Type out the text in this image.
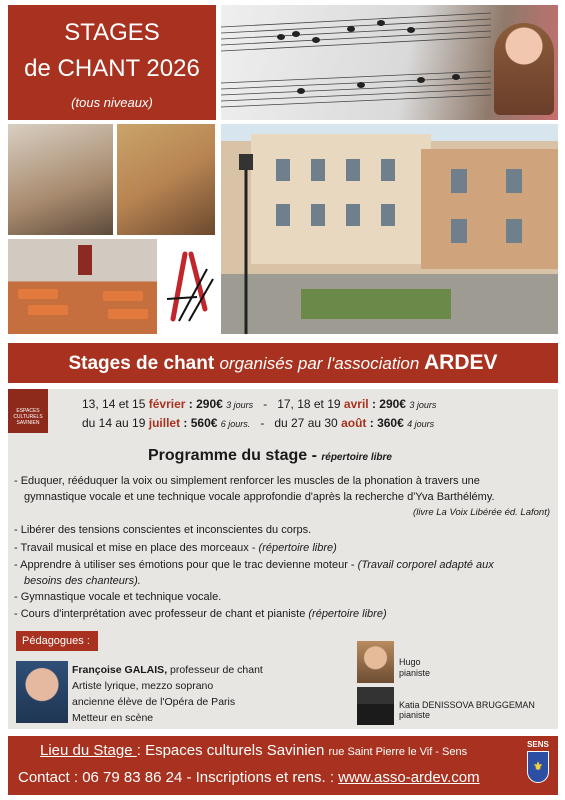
STAGES
de CHANT 2026
(tous niveaux)
Stages de chant organisés par l'association ARDEV
ESPACES CULTURELS SAVINIEN
13, 14 et 15 février : 290€ 3 jours - 17, 18 et 19 avril : 290€ 3 jours
du 14 au 19 juillet : 560€ 6 jours. - du 27 au 30 août : 360€ 4 jours
Programme du stage - répertoire libre
- Eduquer, rééduquer la voix ou simplement renforcer les muscles de la phonation à travers une
gymnastique vocale et une technique vocale approfondie d'après la recherche d'Yva Barthélémy.
(livre La Voix Libérée éd. Lafont)
- Libérer des tensions conscientes et inconscientes du corps.
- Travail musical et mise en place des morceaux - (répertoire libre)
- Apprendre à utiliser ses émotions pour que le trac devienne moteur - (Travail corporel adapté aux
besoins des chanteurs).
- Gymnastique vocale et technique vocale.
- Cours d'interprétation avec professeur de chant et pianiste (répertoire libre)
Pédagogues :
Françoise GALAIS, professeur de chant
Artiste lyrique, mezzo soprano
ancienne élève de l'Opéra de Paris
Metteur en scène
Hugo
pianiste
Katia DENISSOVA BRUGGEMAN
pianiste
Lieu du Stage : Espaces culturels Savinien rue Saint Pierre le Vif - Sens
Contact : 06 79 83 86 24 - Inscriptions et rens. : www.asso-ardev.com
SENS
⚜
